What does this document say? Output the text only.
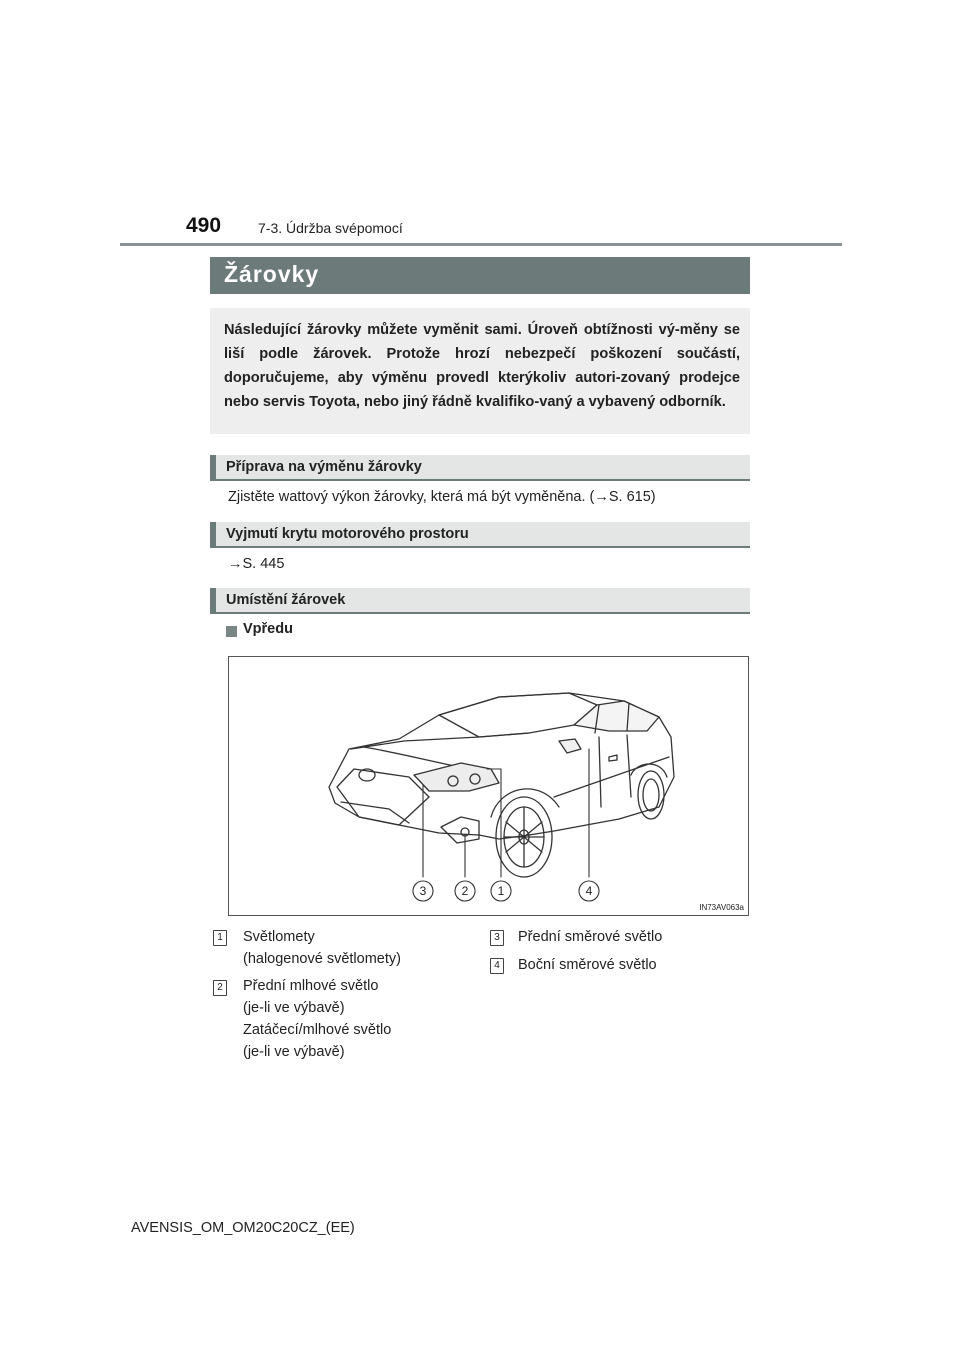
490	7-3. Údržba svépomocí
Žárovky

Následující žárovky můžete vyměnit sami. Úroveň obtížnosti vý-měny se liší podle žárovek. Protože hrozí nebezpečí poškození součástí, doporučujeme, aby výměnu provedl kterýkoliv autori-zovaný prodejce nebo servis Toyota, nebo jiný řádně kvalifiko-vaný a vybavený odborník.

Příprava na výměnu žárovky
Zjistěte wattový výkon žárovky, která má být vyměněna. (→S. 615)
Vyjmutí krytu motorového prostoru
→S. 445
Umístění žárovek
Vpředu
3	2 1	4
IN73AV063a
1 Světlomety
(halogenové světlomety)
2 Přední mlhové světlo
(je-li ve výbavě)
Zatáčecí/mlhové světlo
(je-li ve výbavě)
3 Přední směrové světlo
4 Boční směrové světlo
AVENSIS_OM_OM20C20CZ_(EE)
